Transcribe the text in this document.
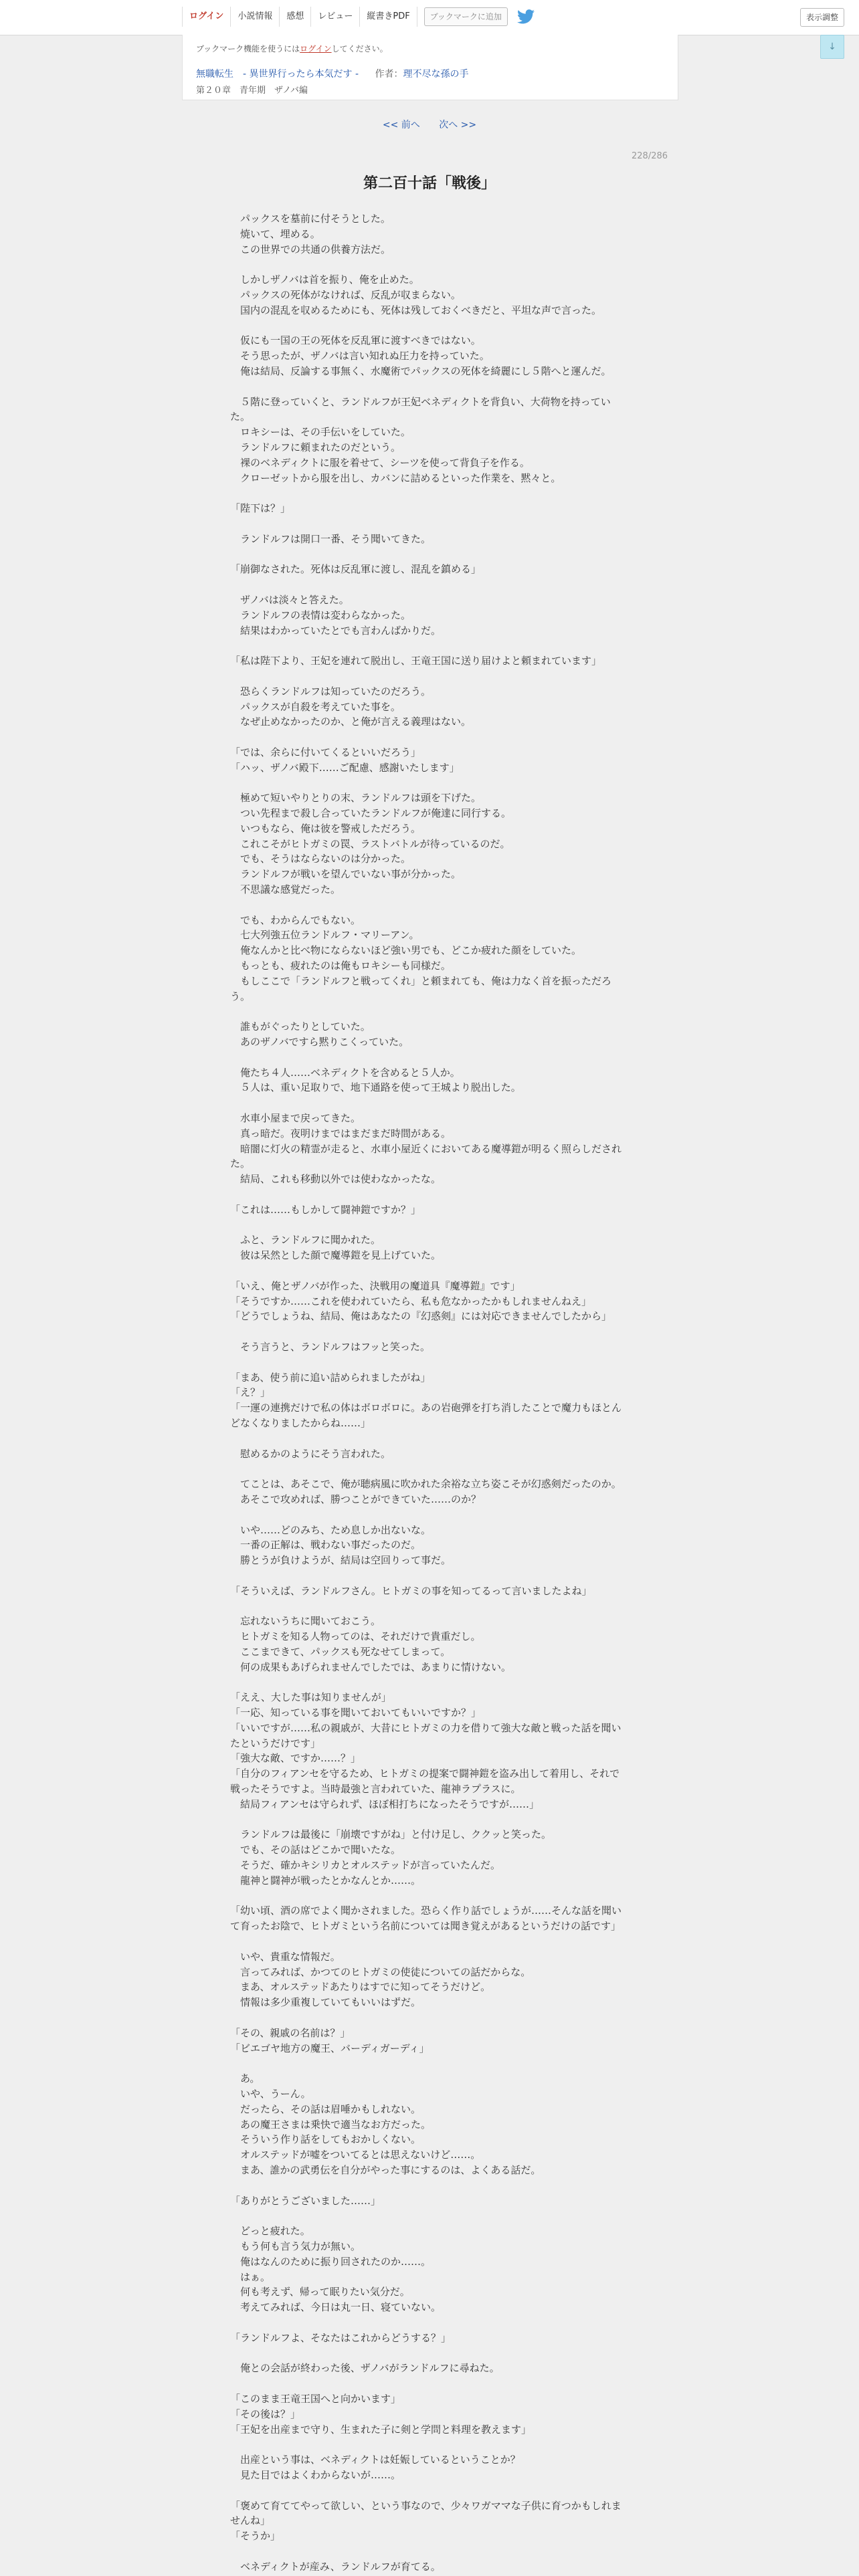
ログイン	小説情報	感想	レビュー	縦書きPDF	ブックマークに追加	表示調整
ブックマーク機能を使うにはログインしてください。
無職転生　- 異世界行ったら本気だす - 作者：理不尽な孫の手
第２０章　青年期　ザノバ編
↓
<< 前へ 次へ >>
228/286
第二百十話「戦後」

　パックスを墓前に付そうとした。

　焼いて、埋める。

　この世界での共通の供養方法だ。

　しかしザノバは首を振り、俺を止めた。

　パックスの死体がなければ、反乱が収まらない。

　国内の混乱を収めるためにも、死体は残しておくべきだと、平坦な声で言った。

　仮にも一国の王の死体を反乱軍に渡すべきではない。

　そう思ったが、ザノバは言い知れぬ圧力を持っていた。

　俺は結局、反論する事無く、水魔術でパックスの死体を綺麗にし５階へと運んだ。

　５階に登っていくと、ランドルフが王妃ベネディクトを背負い、大荷物を持っていた。

　ロキシーは、その手伝いをしていた。

　ランドルフに頼まれたのだという。

　裸のベネディクトに服を着せて、シーツを使って背負子を作る。

　クローゼットから服を出し、カバンに詰めるといった作業を、黙々と。

「陛下は？」

　ランドルフは開口一番、そう聞いてきた。

「崩御なされた。死体は反乱軍に渡し、混乱を鎮める」

　ザノバは淡々と答えた。

　ランドルフの表情は変わらなかった。

　結果はわかっていたとでも言わんばかりだ。

「私は陛下より、王妃を連れて脱出し、王竜王国に送り届けよと頼まれています」

　恐らくランドルフは知っていたのだろう。

　パックスが自殺を考えていた事を。

　なぜ止めなかったのか、と俺が言える義理はない。

「では、余らに付いてくるといいだろう」

「ハッ、ザノバ殿下……ご配慮、感謝いたします」

　極めて短いやりとりの末、ランドルフは頭を下げた。

　つい先程まで殺し合っていたランドルフが俺達に同行する。

　いつもなら、俺は彼を警戒しただろう。

　これこそがヒトガミの罠、ラストバトルが待っているのだ。

　でも、そうはならないのは分かった。

　ランドルフが戦いを望んでいない事が分かった。

　不思議な感覚だった。

　でも、わからんでもない。

　七大列強五位ランドルフ・マリーアン。

　俺なんかと比べ物にならないほど強い男でも、どこか疲れた顔をしていた。

　もっとも、疲れたのは俺もロキシーも同様だ。

　もしここで「ランドルフと戦ってくれ」と頼まれても、俺は力なく首を振っただろう。

　誰もがぐったりとしていた。

　あのザノバですら黙りこくっていた。

　俺たち４人……ベネディクトを含めると５人か。

　５人は、重い足取りで、地下通路を使って王城より脱出した。

　水車小屋まで戻ってきた。

　真っ暗だ。夜明けまではまだまだ時間がある。

　暗闇に灯火の精霊が走ると、水車小屋近くにおいてある魔導鎧が明るく照らしだされた。

　結局、これも移動以外では使わなかったな。

「これは……もしかして闘神鎧ですか？」

　ふと、ランドルフに聞かれた。

　彼は呆然とした顔で魔導鎧を見上げていた。

「いえ、俺とザノバが作った、決戦用の魔道具『魔導鎧』です」

「そうですか……これを使われていたら、私も危なかったかもしれませんねえ」

「どうでしょうね、結局、俺はあなたの『幻惑剣』には対応できませんでしたから」

　そう言うと、ランドルフはフッと笑った。

「まあ、使う前に追い詰められましたがね」

「え？」

「一運の連携だけで私の体はボロボロに。あの岩砲弾を打ち消したことで魔力もほとんどなくなりましたからね……」

　慰めるかのようにそう言われた。

　てことは、あそこで、俺が聴病風に吹かれた余裕な立ち姿こそが幻惑剣だったのか。

　あそこで攻めれば、勝つことができていた……のか？

　いや……どのみち、ため息しか出ないな。

　一番の正解は、戦わない事だったのだ。

　勝とうが負けようが、結局は空回りって事だ。

「そういえば、ランドルフさん。ヒトガミの事を知ってるって言いましたよね」

　忘れないうちに聞いておこう。

　ヒトガミを知る人物ってのは、それだけで貴重だし。

　ここまできて、パックスも死なせてしまって。

　何の成果もあげられませんでしたでは、あまりに情けない。

「ええ、大した事は知りませんが」

「一応、知っている事を聞いておいてもいいですか？」

「いいですが……私の親戚が、大昔にヒトガミの力を借りて強大な敵と戦った話を聞いたというだけです」

「強大な敵、ですか……？」

「自分のフィアンセを守るため、ヒトガミの提案で闘神鎧を盗み出して着用し、それで戦ったそうですよ。当時最強と言われていた、龍神ラプラスに。

　結局フィアンセは守られず、ほぼ相打ちになったそうですが……」

　ランドルフは最後に「崩壊ですがね」と付け足し、ククッと笑った。

　でも、その話はどこかで聞いたな。

　そうだ、確かキシリカとオルステッドが言っていたんだ。

　龍神と闘神が戦ったとかなんとか……。

「幼い頃、酒の席でよく聞かされました。恐らく作り話でしょうが……そんな話を聞いて育ったお陰で、ヒトガミという名前については聞き覚えがあるというだけの話です」

　いや、貴重な情報だ。

　言ってみれば、かつてのヒトガミの使徒についての話だからな。

　まあ、オルステッドあたりはすでに知ってそうだけど。

　情報は多少重複していてもいいはずだ。

「その、親戚の名前は？」

「ビエゴヤ地方の魔王、バーディガーディ」

　あ。

　いや、うーん。

　だったら、その話は眉唾かもしれない。

　あの魔王さまは乗快で適当なお方だった。

　そういう作り話をしてもおかしくない。

　オルステッドが嘘をついてるとは思えないけど……。

　まあ、誰かの武勇伝を自分がやった事にするのは、よくある話だ。

「ありがとうございました……」

　どっと疲れた。

　もう何も言う気力が無い。

　俺はなんのために振り回されたのか……。

　はぁ。

　何も考えず、帰って眠りたい気分だ。

　考えてみれば、今日は丸一日、寝ていない。

「ランドルフよ、そなたはこれからどうする？」

　俺との会話が終わった後、ザノバがランドルフに尋ねた。

「このまま王竜王国へと向かいます」

「その後は？」

「王妃を出産まで守り、生まれた子に剣と学問と料理を教えます」

　出産という事は、ベネディクトは妊娠しているということか？

　見た目ではよくわからないが……。

「褒めて育ててやって欲しい、という事なので、少々ワガママな子供に育つかもしれませんね」

「そうか」

　ベネディクトが産み、ランドルフが育てる。
